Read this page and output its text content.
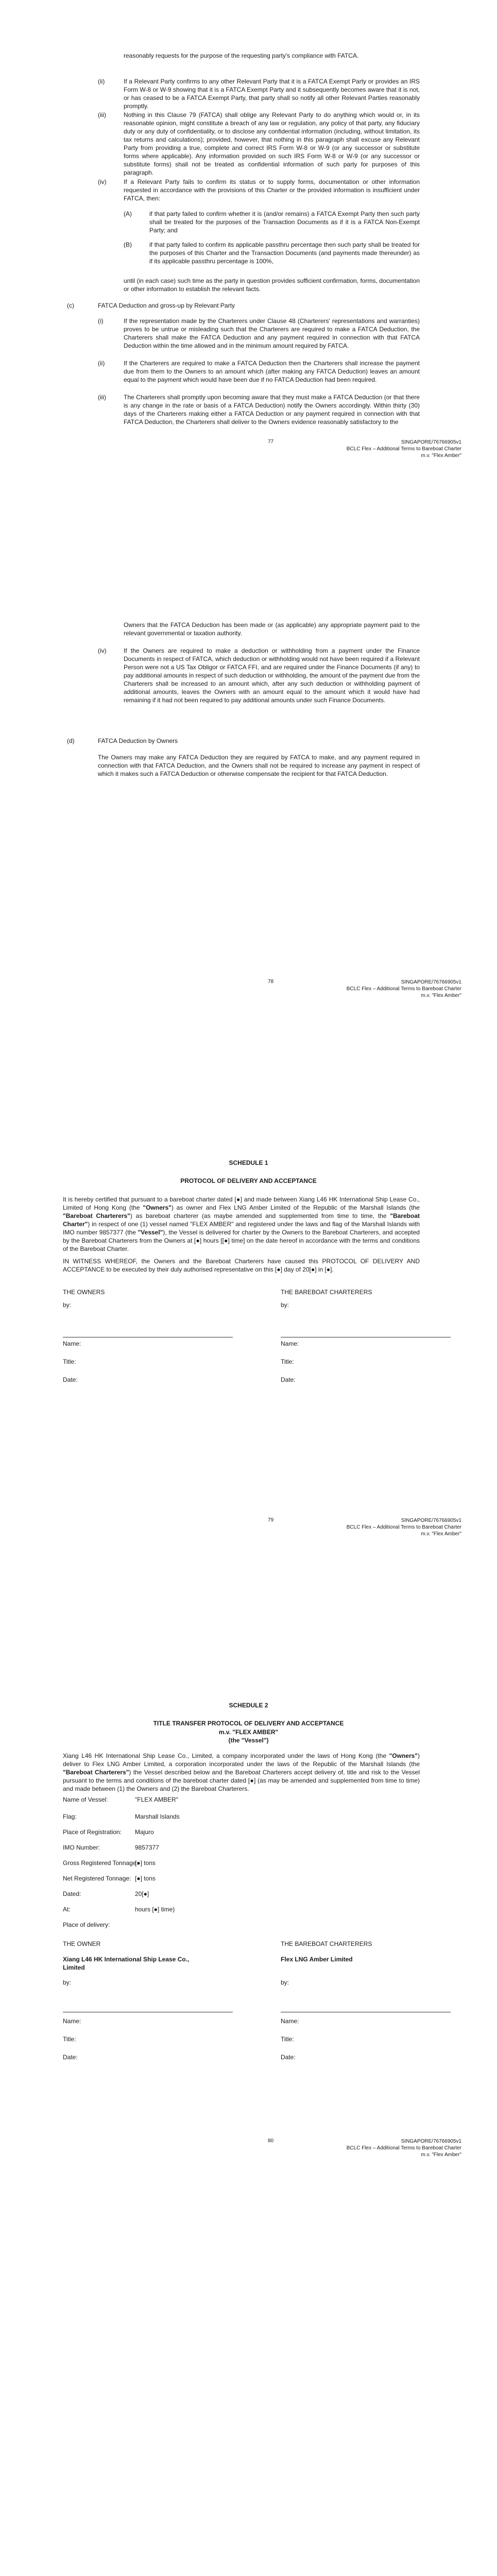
reasonably requests for the purpose of the requesting party's compliance with FATCA.

(ii)	If a Relevant Party confirms to any other Relevant Party that it is a FATCA Exempt Party or provides an IRS Form W-8 or W-9 showing that it is a FATCA Exempt Party and it subsequently becomes aware that it is not, or has ceased to be a FATCA Exempt Party, that party shall so notify all other Relevant Parties reasonably promptly.

(iii)	Nothing in this Clause 79 (FATCA) shall oblige any Relevant Party to do anything which would or, in its reasonable opinion, might constitute a breach of any law or regulation, any policy of that party, any fiduciary duty or any duty of confidentiality, or to disclose any confidential information (including, without limitation, its tax returns and calculations); provided, however, that nothing in this paragraph shall excuse any Relevant Party from providing a true, complete and correct IRS Form W-8 or W-9 (or any successor or substitute forms where applicable). Any information provided on such IRS Form W-8 or W-9 (or any successor or substitute forms) shall not be treated as confidential information of such party for purposes of this paragraph.

(iv)	If a Relevant Party fails to confirm its status or to supply forms, documentation or other information requested in accordance with the provisions of this Charter or the provided information is insufficient under FATCA, then:

(A)	if that party failed to confirm whether it is (and/or remains) a FATCA Exempt Party then such party shall be treated for the purposes of the Transaction Documents as if it is a FATCA Non-Exempt Party; and

(B)	if that party failed to confirm its applicable passthru percentage then such party shall be treated for the purposes of this Charter and the Transaction Documents (and payments made thereunder) as if its applicable passthru percentage is 100%,

until (in each case) such time as the party in question provides sufficient confirmation, forms, documentation or other information to establish the relevant facts.

(c)	FATCA Deduction and gross-up by Relevant Party
(i)	If the representation made by the Charterers under Clause 48 (Charterers' representations and warranties) proves to be untrue or misleading such that the Charterers are required to make a FATCA Deduction, the Charterers shall make the FATCA Deduction and any payment required in connection with that FATCA Deduction within the time allowed and in the minimum amount required by FATCA.

(ii)	If the Charterers are required to make a FATCA Deduction then the Charterers shall increase the payment due from them to the Owners to an amount which (after making any FATCA Deduction) leaves an amount equal to the payment which would have been due if no FATCA Deduction had been required.

(iii)	The Charterers shall promptly upon becoming aware that they must make a FATCA Deduction (or that there is any change in the rate or basis of a FATCA Deduction) notify the Owners accordingly. Within thirty (30) days of the Charterers making either a FATCA Deduction or any payment required in connection with that FATCA Deduction, the Charterers shall deliver to the Owners evidence reasonably satisfactory to the

77	SINGAPORE/76766905v1
BCLC Flex – Additional Terms to Bareboat Charter
m.v. "Flex Amber"

Owners that the FATCA Deduction has been made or (as applicable) any appropriate payment paid to the relevant governmental or taxation authority.

(iv)	If the Owners are required to make a deduction or withholding from a payment under the Finance Documents in respect of FATCA, which deduction or withholding would not have been required if a Relevant Person were not a US Tax Obligor or FATCA FFI, and are required under the Finance Documents (if any) to pay additional amounts in respect of such deduction or withholding, the amount of the payment due from the Charterers shall be increased to an amount which, after any such deduction or withholding payment of additional amounts, leaves the Owners with an amount equal to the amount which it would have had remaining if it had not been required to pay additional amounts under such Finance Documents.

(d)	FATCA Deduction by Owners

The Owners may make any FATCA Deduction they are required by FATCA to make, and any payment required in connection with that FATCA Deduction, and the Owners shall not be required to increase any payment in respect of which it makes such a FATCA Deduction or otherwise compensate the recipient for that FATCA Deduction.

78	SINGAPORE/76766905v1
BCLC Flex – Additional Terms to Bareboat Charter
m.v. "Flex Amber"
SCHEDULE 1
PROTOCOL OF DELIVERY AND ACCEPTANCE

It is hereby certified that pursuant to a bareboat charter dated [●] and made between Xiang L46 HK International Ship Lease Co., Limited of Hong Kong (the "Owners") as owner and Flex LNG Amber Limited of the Republic of the Marshall Islands (the "Bareboat Charterers") as bareboat charterer (as maybe amended and supplemented from time to time, the "Bareboat Charter") in respect of one (1) vessel named "FLEX AMBER" and registered under the laws and flag of the Marshall Islands with IMO number 9857377 (the "Vessel"), the Vessel is delivered for charter by the Owners to the Bareboat Charterers, and accepted by the Bareboat Charterers from the Owners at [●] hours [[●] time] on the date hereof in accordance with the terms and conditions of the Bareboat Charter.

IN WITNESS WHEREOF, the Owners and the Bareboat Charterers have caused this PROTOCOL OF DELIVERY AND ACCEPTANCE to be executed by their duly authorised representative on this [●] day of 20[●] in [●].

THE OWNERS	THE BAREBOAT CHARTERERS
by:	by:
Name:	Name:
Title:	Title:
Date:	Date:
79	SINGAPORE/76766905v1
BCLC Flex – Additional Terms to Bareboat Charter
m.v. "Flex Amber"
SCHEDULE 2
TITLE TRANSFER PROTOCOL OF DELIVERY AND ACCEPTANCE
m.v. "FLEX AMBER"
(the "Vessel")

Xiang L46 HK International Ship Lease Co., Limited, a company incorporated under the laws of Hong Kong (the "Owners") deliver to Flex LNG Amber Limited, a corporation incorporated under the laws of the Republic of the Marshall Islands (the "Bareboat Charterers") the Vessel described below and the Bareboat Charterers accept delivery of, title and risk to the Vessel pursuant to the terms and conditions of the bareboat charter dated [●] (as may be amended and supplemented from time to time) and made between (1) the Owners and (2) the Bareboat Charterers.

Name of Vessel:	"FLEX AMBER"
Flag:	Marshall Islands
Place of Registration: Majuro
IMO Number:	9857377
Gross Registered Tonnage:
[●] tons
Net Registered Tonnage: [●] tons
Dated:	20[●]
At:	hours [●] time)
Place of delivery:
THE OWNER	THE BAREBOAT CHARTERERS
Xiang L46 HK International Ship Lease Co., Limited
Flex LNG Amber Limited
by:	by:
Name:	Name:
Title:	Title:
Date:	Date:
80	SINGAPORE/76766905v1
BCLC Flex – Additional Terms to Bareboat Charter
m.v. "Flex Amber"
